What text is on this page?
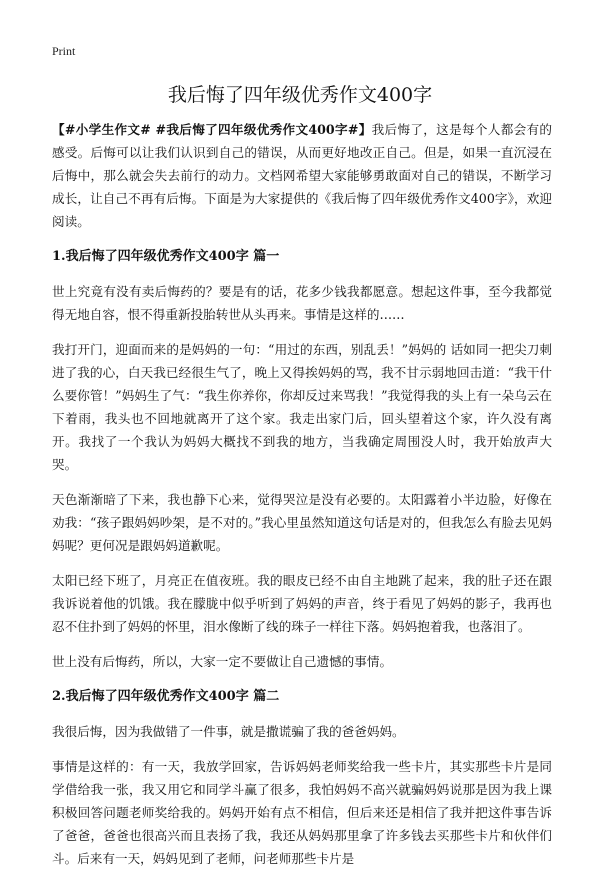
Print
我后悔了四年级优秀作文400字

【#小学生作文# #我后悔了四年级优秀作文400字#】我后悔了，这是每个人都会有的感受。后悔可以让我们认识到自己的错误，从而更好地改正自己。但是，如果一直沉浸在后悔中，那么就会失去前行的动力。文档网希望大家能够勇敢面对自己的错误，不断学习成长，让自己不再有后悔。下面是为大家提供的《我后悔了四年级优秀作文400字》，欢迎阅读。

1.我后悔了四年级优秀作文400字 篇一

世上究竟有没有卖后悔药的？要是有的话，花多少钱我都愿意。想起这件事，至今我都觉得无地自容，恨不得重新投胎转世从头再来。事情是这样的……

我打开门，迎面而来的是妈妈的一句：“用过的东西，别乱丢！”妈妈的 话如同一把尖刀刺进了我的心，白天我已经很生气了，晚上又得挨妈妈的骂，我不甘示弱地回击道：“我干什么要你管！”妈妈生了气：“我生你养你，你却反过来骂我！”我觉得我的头上有一朵乌云在下着雨，我头也不回地就离开了这个家。我走出家门后，回头望着这个家，许久没有离开。我找了一个我认为妈妈大概找不到我的地方，当我确定周围没人时，我开始放声大哭。

天色渐渐暗了下来，我也静下心来，觉得哭泣是没有必要的。太阳露着小半边脸，好像在劝我：“孩子跟妈妈吵架，是不对的。”我心里虽然知道这句话是对的，但我怎么有脸去见妈妈呢？更何况是跟妈妈道歉呢。

太阳已经下班了，月亮正在值夜班。我的眼皮已经不由自主地跳了起来，我的肚子还在跟我诉说着他的饥饿。我在朦胧中似乎听到了妈妈的声音，终于看见了妈妈的影子，我再也忍不住扑到了妈妈的怀里，泪水像断了线的珠子一样往下落。妈妈抱着我，也落泪了。

世上没有后悔药，所以，大家一定不要做让自己遗憾的事情。

2.我后悔了四年级优秀作文400字 篇二

我很后悔，因为我做错了一件事，就是撒谎骗了我的爸爸妈妈。

事情是这样的：有一天，我放学回家，告诉妈妈老师奖给我一些卡片，其实那些卡片是同学借给我一张，我又用它和同学斗赢了很多，我怕妈妈不高兴就骗妈妈说那是因为我上课积极回答问题老师奖给我的。妈妈开始有点不相信，但后来还是相信了我并把这件事告诉了爸爸，爸爸也很高兴而且表扬了我，我还从妈妈那里拿了许多钱去买那些卡片和伙伴们斗。后来有一天，妈妈见到了老师，问老师那些卡片是
